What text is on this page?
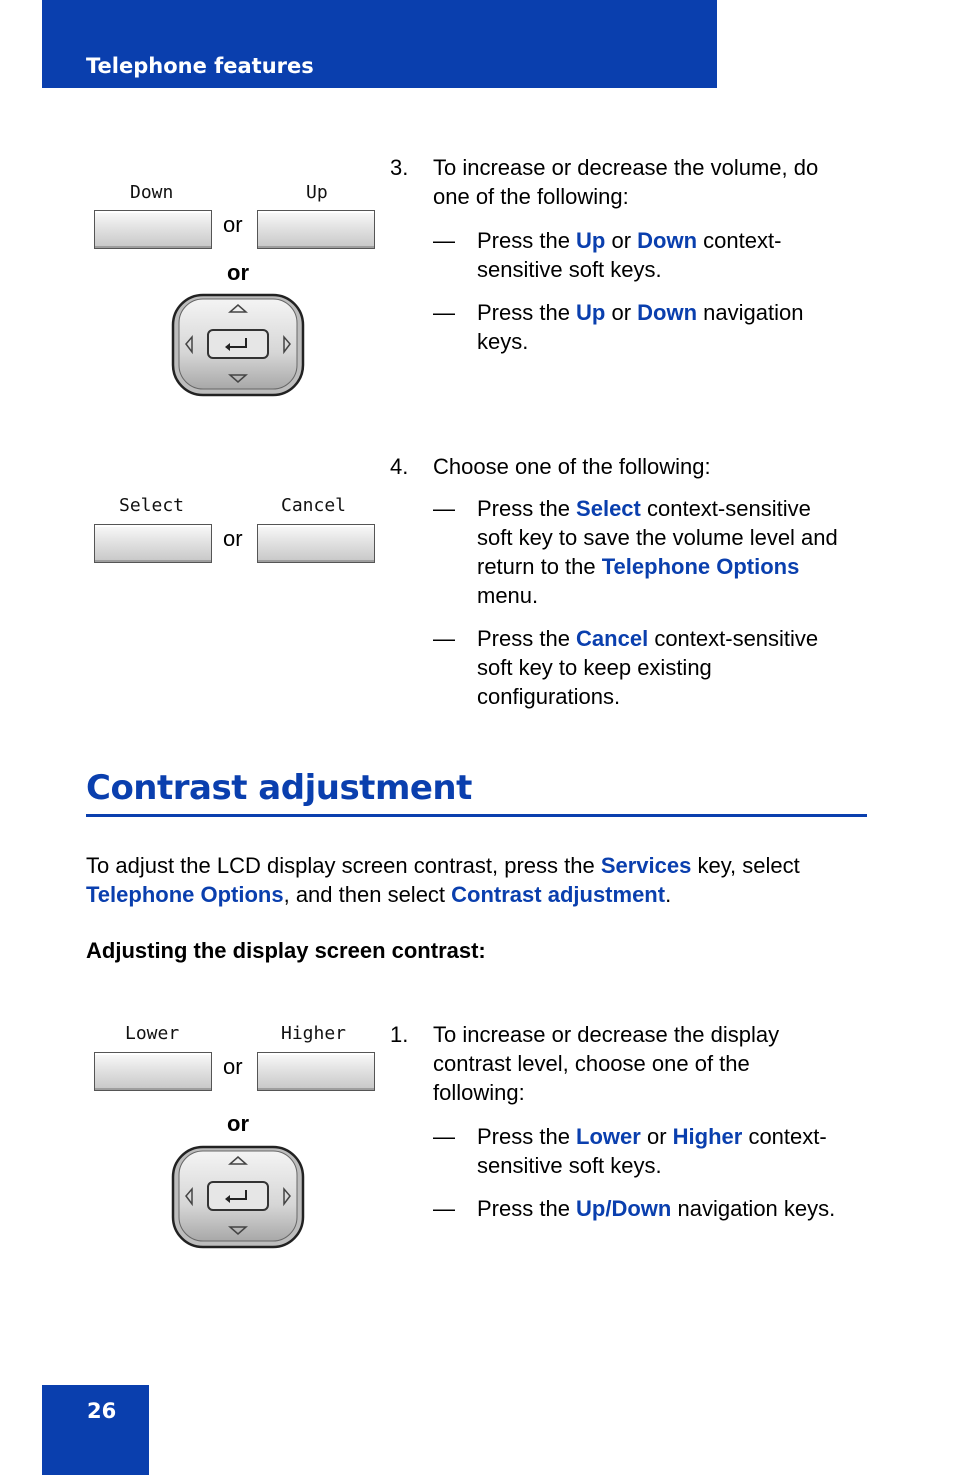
Telephone features
Down	Up
or
or
3. To increase or decrease the volume, do
one of the following:
— Press the Up or Down context-
sensitive soft keys.
— Press the Up or Down navigation
keys.
Select	Cancel
or
4. Choose one of the following:
— Press the Select context-sensitive
soft key to save the volume level and
return to the Telephone Options
menu.
— Press the Cancel context-sensitive
soft key to keep existing
configurations.
Contrast adjustment
To adjust the LCD display screen contrast, press the Services key, select
Telephone Options, and then select Contrast adjustment.
Adjusting the display screen contrast:
Lower	Higher
or
or
1. To increase or decrease the display
contrast level, choose one of the
following:
— Press the Lower or Higher context-
sensitive soft keys.
— Press the Up/Down navigation keys.
26
